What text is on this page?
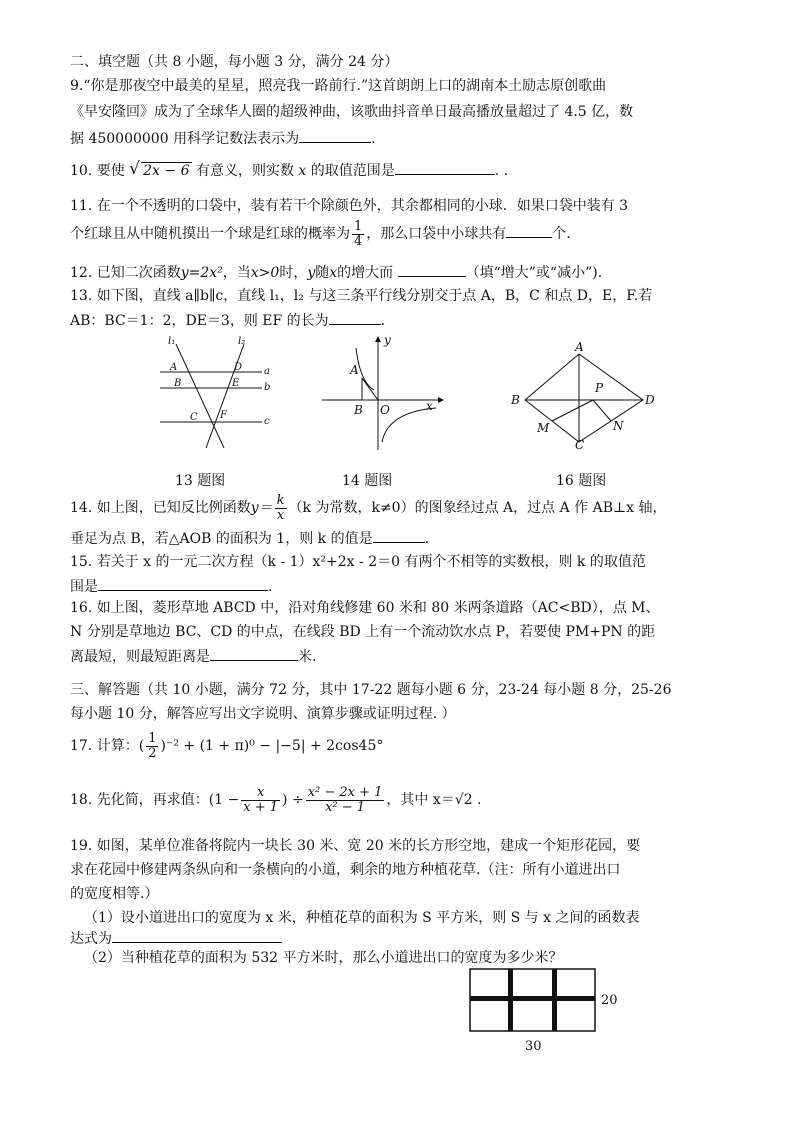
二、填空题（共 8 小题，每小题 3 分，满分 24 分）
9.“你是那夜空中最美的星星，照亮我一路前行.”这首朗朗上口的湖南本土励志原创歌曲
《早安隆回》成为了全球华人圈的超级神曲，该歌曲抖音单日最高播放量超过了 4.5 亿，数
据 450000000 用科学记数法表示为	.
10. 要使 √ 2x − 6 有意义，则实数 x 的取值范围是	. .
11. 在一个不透明的口袋中，装有若干个除颜色外，其余都相同的小球．如果口袋中装有 3
个红球且从中随机摸出一个球是红球的概率为 $\frac{1}{4}$ ，那么口袋中小球共有	个.
12. 已知二次函数y=2x²，当x>0时，y随x的增大而	（填“增大”或“减小”).
13. 如下图，直线 a∥b∥c，直线 l₁，l₂ 与这三条平行线分别交于点 A，B，C 和点 D，E，F.若
AB：BC＝1：2，DE＝3，则 EF 的长为	.
l₁	l₂
A
B
C
D
E
F
a
b
c
13 题图
A
B O	x
y
14 题图
A
B
C
D
M	N
P
16 题图
14. 如上图，已知反比例函数$y= \frac{k}{x} (k$ 为常数，k≠0）的图象经过点 A，过点 A 作 AB⊥x 轴，
垂足为点 B，若△AOB 的面积为 1，则 k 的值是	.
15. 若关于 x 的一元二次方程（k - 1）x²+2x - 2＝0 有两个不相等的实数根，则 k 的取值范
围是	.
16. 如上图，菱形草地 ABCD 中，沿对角线修建 60 米和 80 米两条道路（AC<BD），点 M、
N 分别是草地边 BC、CD 的中点，在线段 BD 上有一个流动饮水点 P，若要使 PM+PN 的距
离最短，则最短距离是	米.
三、解答题（共 10 小题，满分 72 分，其中 17-22 题每小题 6 分，23-24 每小题 8 分，25-26
每小题 10 分，解答应写出文字说明、演算步骤或证明过程. ）
17. 计算：( $\frac{1}{2} )^{-2} + (1 + \pi)^0 - |-5| + 2\cos 45^\circ$
18. 先化简，再求值：($1 - \frac{x}{x + 1}$ ) ÷ $\frac{\text{x² − 2x + 1}}{\text{x² − 1}}$ ，其中 x＝√2 .
19. 如图，某单位准备将院内一块长 30 米、宽 20 米的长方形空地，建成一个矩形花园，要
求在花园中修建两条纵向和一条横向的小道，剩余的地方种植花草.（注：所有小道进出口
的宽度相等.）
（1）设小道进出口的宽度为 x 米，种植花草的面积为 S 平方米，则 S 与 x 之间的函数表
达式为
（2）当种植花草的面积为 532 平方米时，那么小道进出口的宽度为多少米？
20
30
